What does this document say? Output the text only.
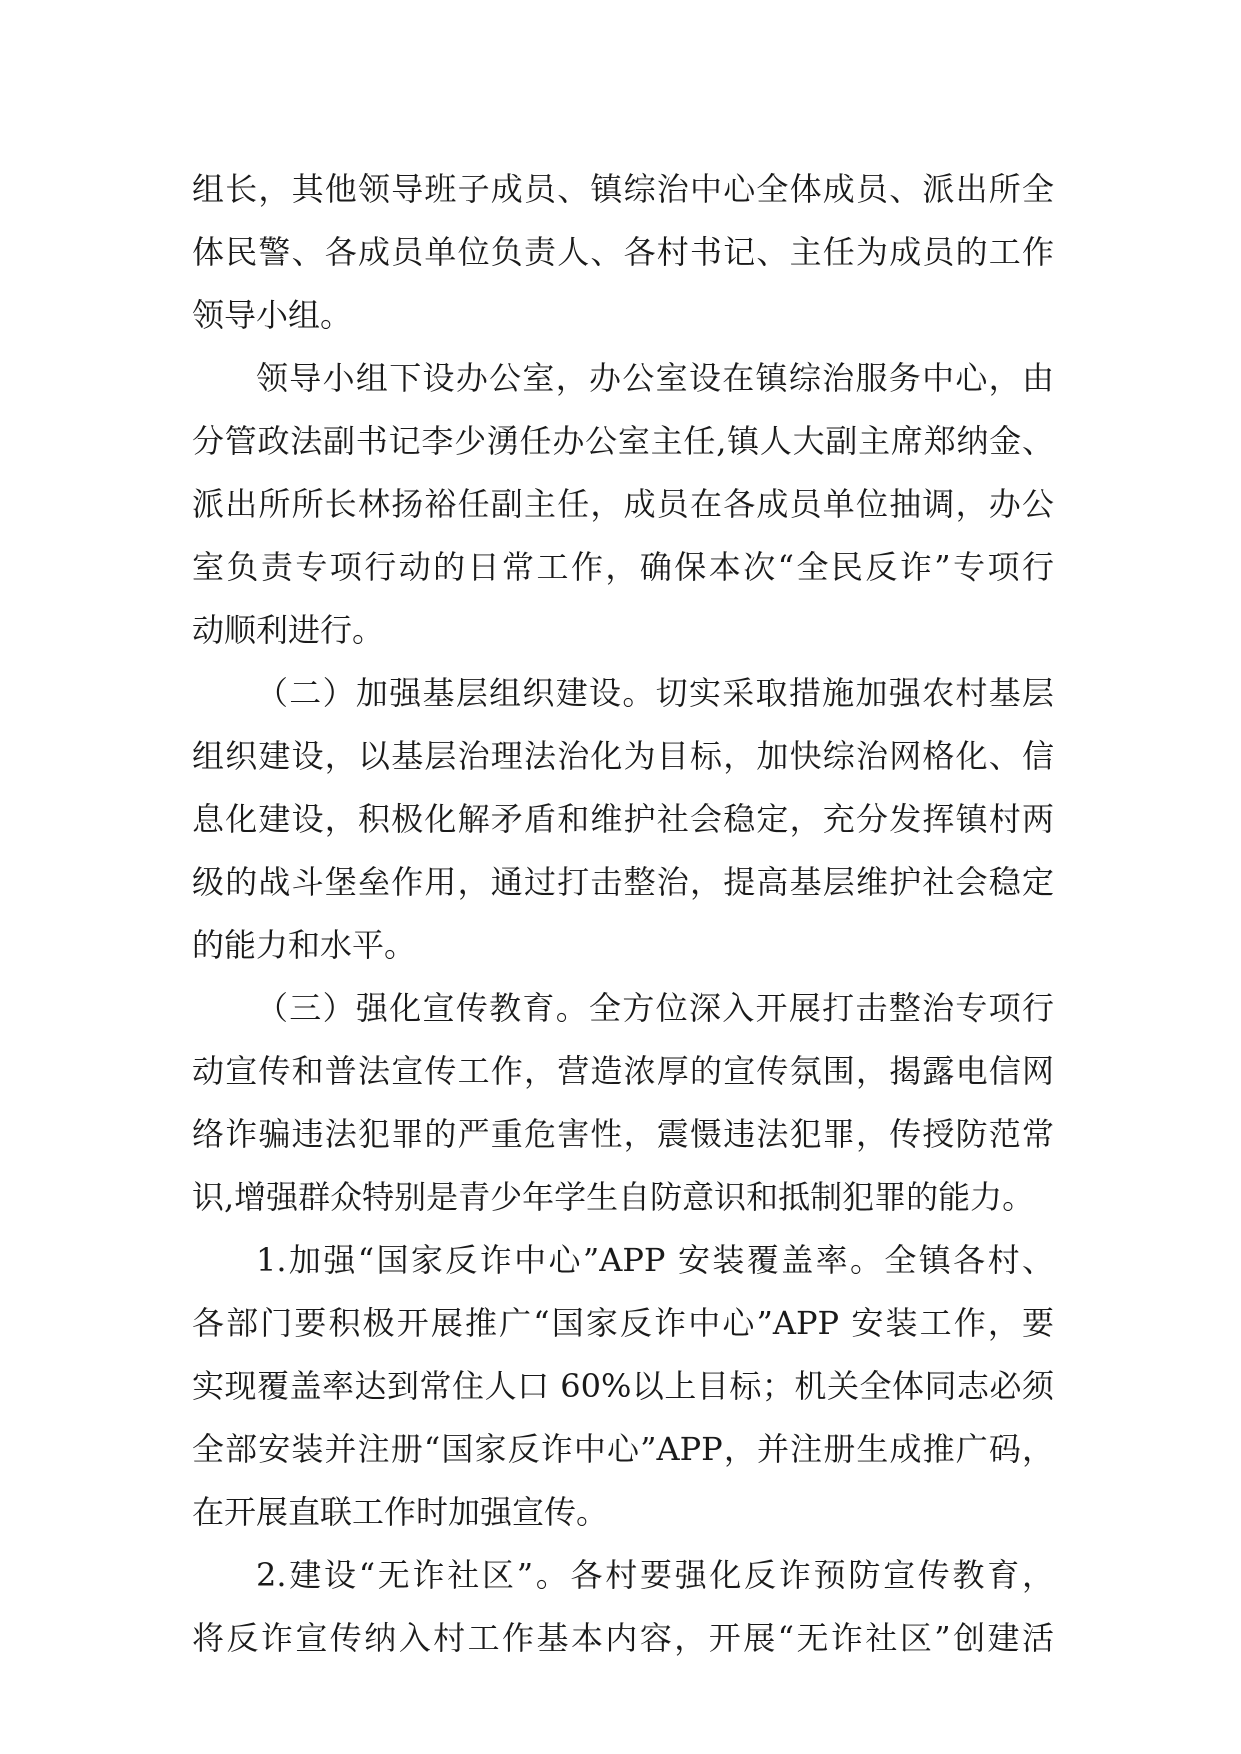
组长，其他领导班子成员、镇综治中心全体成员、派出所全
体民警、各成员单位负责人、各村书记、主任为成员的工作
领导小组。
领导小组下设办公室，办公室设在镇综治服务中心，由
分管政法副书记李少湧任办公室主任,镇人大副主席郑纳金、
派出所所长林扬裕任副主任，成员在各成员单位抽调，办公
室负责专项行动的日常工作，确保本次“全民反诈”专项行
动顺利进行。
（二）加强基层组织建设。切实采取措施加强农村基层
组织建设，以基层治理法治化为目标，加快综治网格化、信
息化建设，积极化解矛盾和维护社会稳定，充分发挥镇村两
级的战斗堡垒作用，通过打击整治，提高基层维护社会稳定
的能力和水平。
（三）强化宣传教育。全方位深入开展打击整治专项行
动宣传和普法宣传工作，营造浓厚的宣传氛围，揭露电信网
络诈骗违法犯罪的严重危害性，震慑违法犯罪，传授防范常
识,增强群众特别是青少年学生自防意识和抵制犯罪的能力。
1.加强“国家反诈中心”APP 安装覆盖率。全镇各村、
各部门要积极开展推广“国家反诈中心”APP 安装工作，要
实现覆盖率达到常住人口 60%以上目标；机关全体同志必须
全部安装并注册“国家反诈中心”APP，并注册生成推广码，
在开展直联工作时加强宣传。
2.建设“无诈社区”。各村要强化反诈预防宣传教育，
将反诈宣传纳入村工作基本内容，开展“无诈社区”创建活
